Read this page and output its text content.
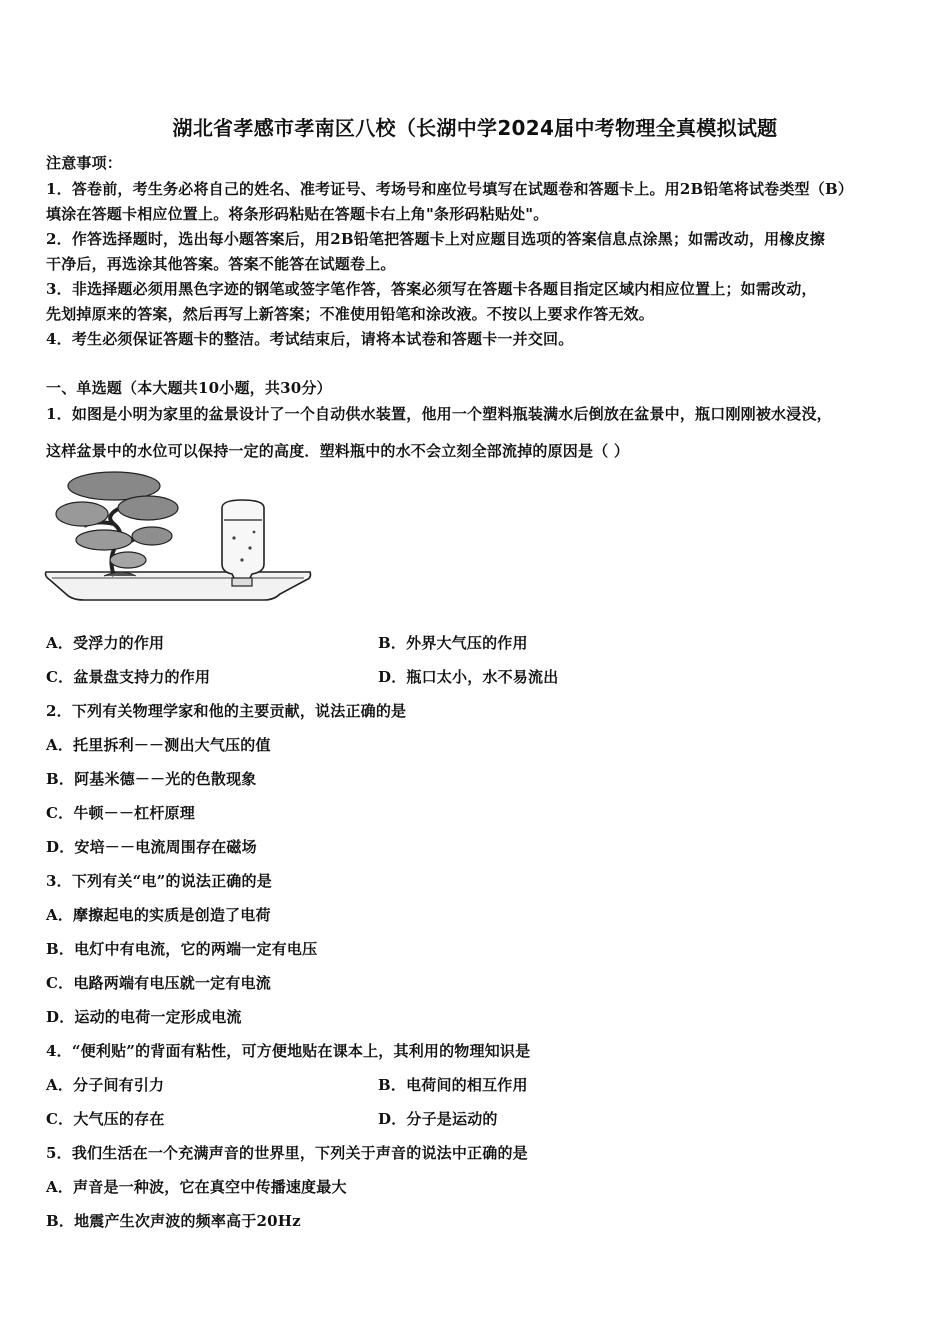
湖北省孝感市孝南区八校（长湖中学2024届中考物理全真模拟试题
注意事项：
1．答卷前，考生务必将自己的姓名、准考证号、考场号和座位号填写在试题卷和答题卡上。用2B铅笔将试卷类型（B）
填涂在答题卡相应位置上。将条形码粘贴在答题卡右上角"条形码粘贴处"。
2．作答选择题时，选出每小题答案后，用2B铅笔把答题卡上对应题目选项的答案信息点涂黑；如需改动，用橡皮擦
干净后，再选涂其他答案。答案不能答在试题卷上。
3．非选择题必须用黑色字迹的钢笔或签字笔作答，答案必须写在答题卡各题目指定区域内相应位置上；如需改动，
先划掉原来的答案，然后再写上新答案；不准使用铅笔和涂改液。不按以上要求作答无效。
4．考生必须保证答题卡的整洁。考试结束后，请将本试卷和答题卡一并交回。
一、单选题（本大题共10小题，共30分）
1．如图是小明为家里的盆景设计了一个自动供水装置，他用一个塑料瓶装满水后倒放在盆景中，瓶口刚刚被水浸没，
这样盆景中的水位可以保持一定的高度．塑料瓶中的水不会立刻全部流掉的原因是（ ）
A．受浮力的作用	B．外界大气压的作用
C．盆景盘支持力的作用	D．瓶口太小，水不易流出
2．下列有关物理学家和他的主要贡献，说法正确的是
A．托里拆利－－测出大气压的值
B．阿基米德－－光的色散现象
C．牛顿－－杠杆原理
D．安培－－电流周围存在磁场
3．下列有关“电”的说法正确的是
A．摩擦起电的实质是创造了电荷
B．电灯中有电流，它的两端一定有电压
C．电路两端有电压就一定有电流
D．运动的电荷一定形成电流
4．“便利贴”的背面有粘性，可方便地贴在课本上，其利用的物理知识是
A．分子间有引力	B．电荷间的相互作用
C．大气压的存在	D．分子是运动的
5．我们生活在一个充满声音的世界里，下列关于声音的说法中正确的是
A．声音是一种波，它在真空中传播速度最大
B．地震产生次声波的频率高于20Hz
